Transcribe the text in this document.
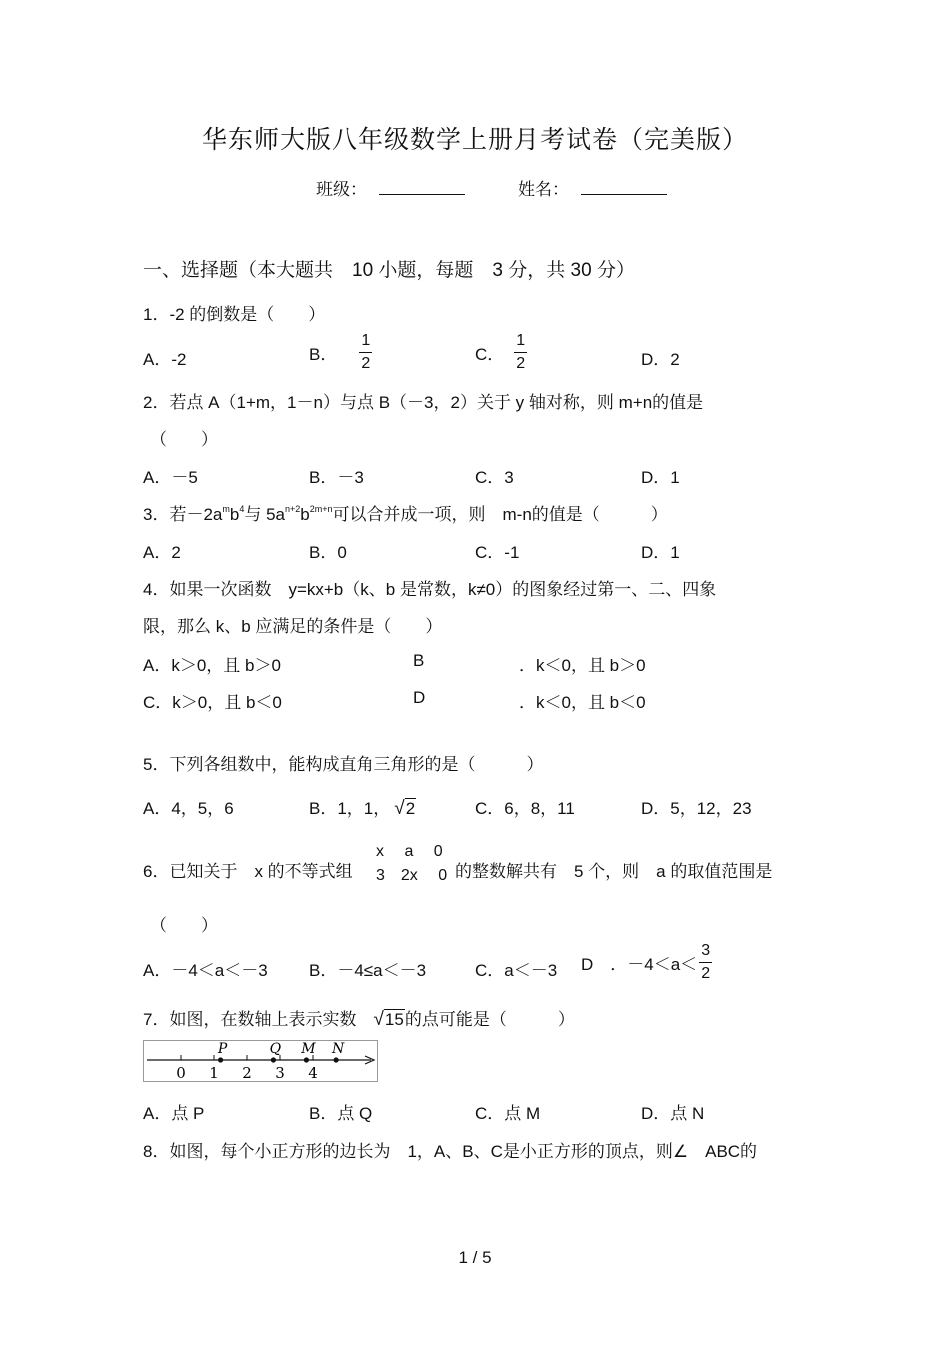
华东师大版八年级数学上册月考试卷（完美版）
班级：	姓名：
一、选择题（本大题共　10 小题，每题　3 分，共 30 分）
1．-2 的倒数是（　　）
A．-2	B． $\frac{1}{2}$	C． $\frac{1}{2}$	D．2
2．若点 A（1+m，1－n）与点 B（－3，2）关于 y 轴对称，则 m+n的值是
（　　）
A．－5	B．－3	C．3	D．1
3．若$-2a^mb^4$与 $5a^{n+2}b^{2m+n}$可以合并成一项，则　m-n的值是（　　　）
A．2	B．0	C．-1	D．1
4．如果一次函数　y=kx+b（k、b 是常数，k≠0）的图象经过第一、二、四象
限，那么 k、b 应满足的条件是（　　）
A．k＞0，且 b＞0	B	．k＜0，且 b＞0
C．k＞0，且 b＜0	D	．k＜0，且 b＜0
5．下列各组数中，能构成直角三角形的是（　　　）
A．4，5，6	B．1，1， √2	C．6，8，11	D．5，12，23
6．已知关于　x 的不等式组
x　 a　 0
3　2x　 0 的整数解共有　5 个，则　a 的取值范围是
（　　）
A．－4＜a＜－3 B．－4≤a＜－3	C．a＜－3 D　．$-4<a< \frac{3}{2}$
7．如图，在数轴上表示实数　√15的点可能是（　　　）
0 1 2 3 4
P	Q M N
A．点 P	B．点 Q	C．点 M	D．点 N
8．如图，每个小正方形的边长为　1，A、B、C是小正方形的顶点，则∠　ABC的
1 / 5
